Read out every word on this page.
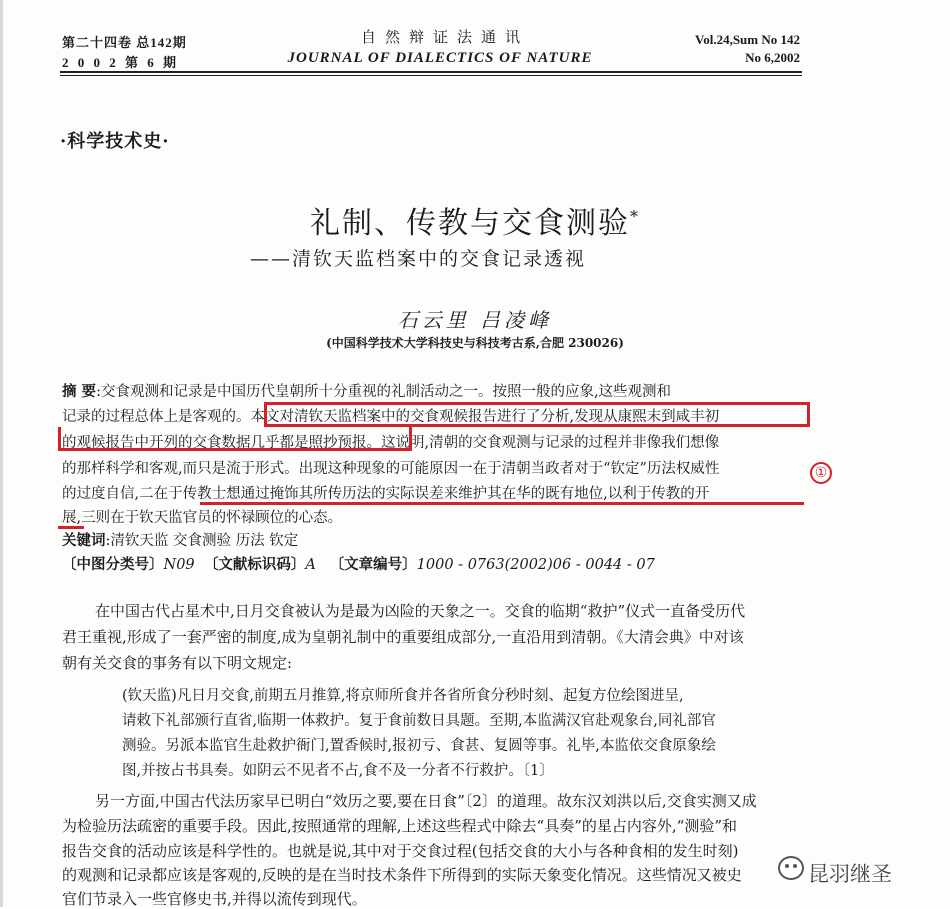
第二十四卷 总142期
2 0 0 2 第 6 期
自然辩证法通讯
JOURNAL OF DIALECTICS OF NATURE
Vol.24,Sum No 142
No 6,2002
·科学技术史·
礼制、传教与交食测验*
——清钦天监档案中的交食记录透视
石云里 吕凌峰
(中国科学技术大学科技史与科技考古系,合肥 230026)
摘 要:交食观测和记录是中国历代皇朝所十分重视的礼制活动之一。按照一般的应象,这些观测和
记录的过程总体上是客观的。本文对清钦天监档案中的交食观候报告进行了分析,发现从康熙末到咸丰初
的观候报告中开列的交食数据几乎都是照抄预报。这说明,清朝的交食观测与记录的过程并非像我们想像
的那样科学和客观,而只是流于形式。出现这种现象的可能原因一在于清朝当政者对于“钦定”历法权威性
的过度自信,二在于传教士想通过掩饰其所传历法的实际误差来维护其在华的既有地位,以利于传教的开
展,三则在于钦天监官员的怀禄顾位的心态。
关键词:清钦天监 交食测验 历法 钦定
〔中图分类号〕N09 〔文献标识码〕A 〔文章编号〕1000 - 0763(2002)06 - 0044 - 07
①
在中国古代占星术中,日月交食被认为是最为凶险的天象之一。交食的临期“救护”仪式一直备受历代
君王重视,形成了一套严密的制度,成为皇朝礼制中的重要组成部分,一直沿用到清朝。《大清会典》中对该
朝有关交食的事务有以下明文规定:
(钦天监)凡日月交食,前期五月推算,将京师所食并各省所食分秒时刻、起复方位绘图进呈,
请敕下礼部颁行直省,临期一体救护。复于食前数日具题。至期,本监满汉官赴观象台,同礼部官
测验。另派本监官生赴救护衙门,置香候时,报初亏、食甚、复圆等事。礼毕,本监依交食原象绘
图,并按占书具奏。如阴云不见者不占,食不及一分者不行救护。〔1〕
另一方面,中国古代法历家早已明白“效历之要,要在日食”〔2〕的道理。故东汉刘洪以后,交食实测又成
为检验历法疏密的重要手段。因此,按照通常的理解,上述这些程式中除去“具奏”的星占内容外,“测验”和
报告交食的活动应该是科学性的。也就是说,其中对于交食过程(包括交食的大小与各种食相的发生时刻)
的观测和记录都应该是客观的,反映的是在当时技术条件下所得到的实际天象变化情况。这些情况又被史
官们节录入一些官修史书,并得以流传到现代。
昆羽继圣
